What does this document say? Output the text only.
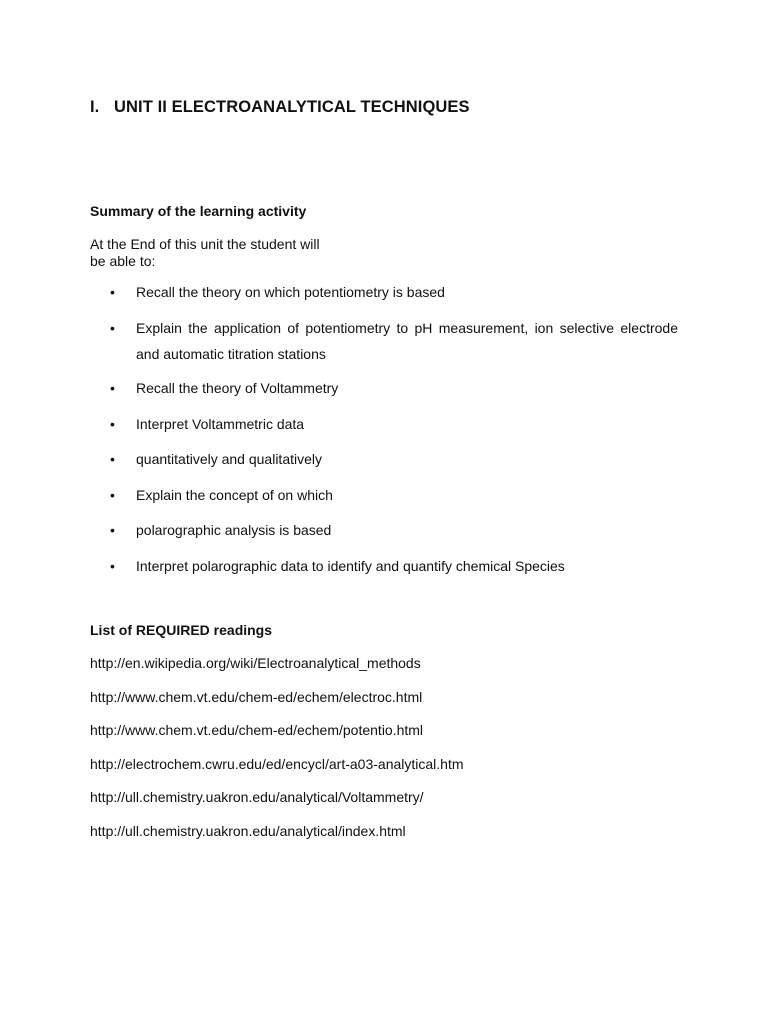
I. UNIT II ELECTROANALYTICAL TECHNIQUES
Summary of the learning activity
At the End of this unit the student will
be able to:
• Recall the theory on which potentiometry is based
• Explain the application of potentiometry to pH measurement, ion selective electrode and automatic titration stations
• Recall the theory of Voltammetry
• Interpret Voltammetric data
• quantitatively and qualitatively
• Explain the concept of on which
• polarographic analysis is based
• Interpret polarographic data to identify and quantify chemical Species
List of REQUIRED readings
http://en.wikipedia.org/wiki/Electroanalytical_methods
http://www.chem.vt.edu/chem-ed/echem/electroc.html
http://www.chem.vt.edu/chem-ed/echem/potentio.html
http://electrochem.cwru.edu/ed/encycl/art-a03-analytical.htm
http://ull.chemistry.uakron.edu/analytical/Voltammetry/
http://ull.chemistry.uakron.edu/analytical/index.html
